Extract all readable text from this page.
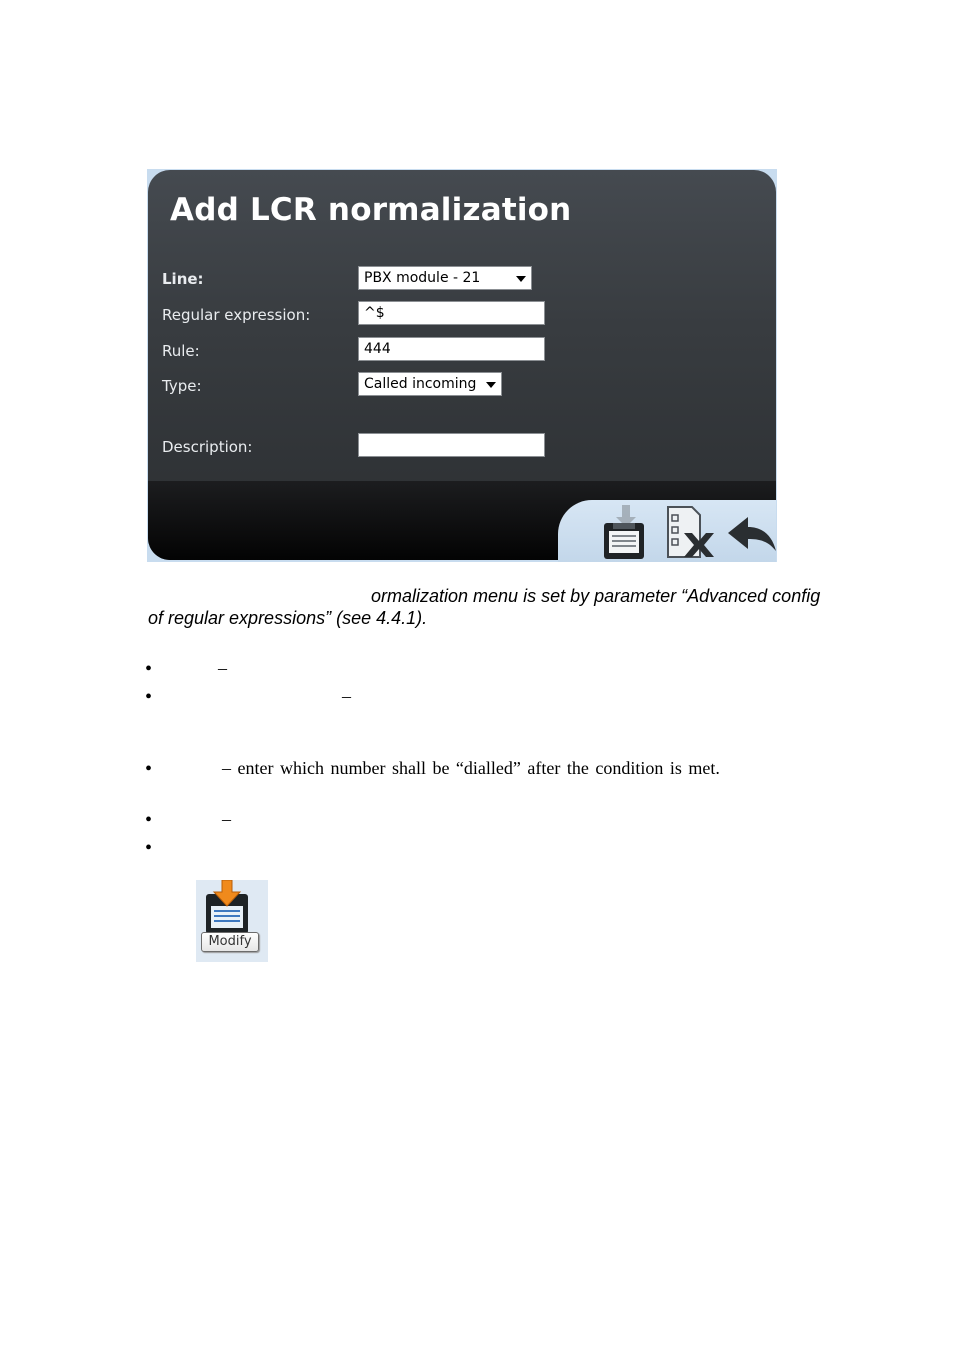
Add LCR normalization
Line:	PBX module - 21
Regular expression:	^$
Rule:	444
Type:	Called incoming
Description:
ormalization menu is set by parameter “Advanced config
of regular expressions” (see 4.4.1).
•	–
•	–
•	– enter which number shall be “dialled” after the condition is met.
•	–
•
Modify
